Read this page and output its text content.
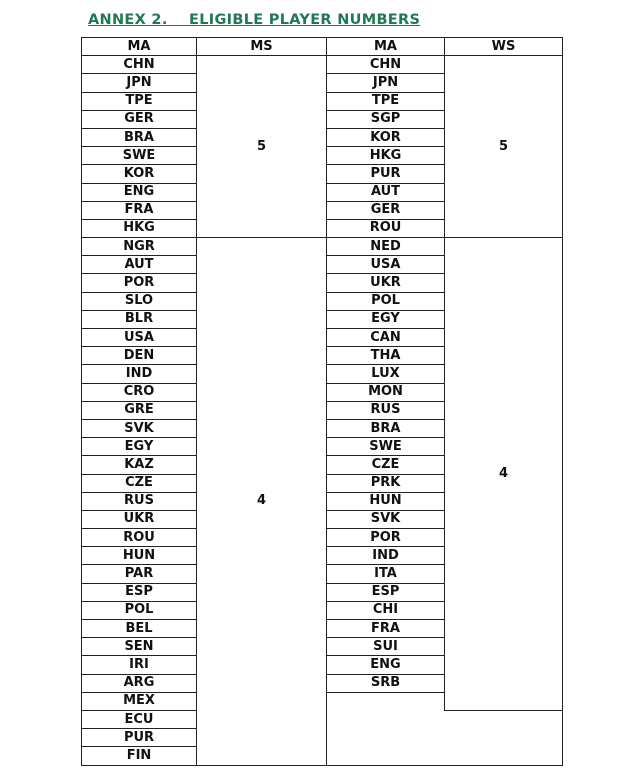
ANNEX 2.    ELIGIBLE PLAYER NUMBERS
MA	MS	MA	WS
CHN	5	CHN	5
JPN		JPN	
TPE		TPE	
GER		SGP	
BRA		KOR	
SWE		HKG	
KOR		PUR	
ENG		AUT	
FRA		GER	
HKG		ROU	
NGR	4	NED	4
AUT		USA	
POR		UKR	
SLO		POL	
BLR		EGY	
USA		CAN	
DEN		THA	
IND		LUX	
CRO		MON	
GRE		RUS	
SVK		BRA	
EGY		SWE	
KAZ		CZE	
CZE		PRK	
RUS		HUN	
UKR		SVK	
ROU		POR	
HUN		IND	
PAR		ITA	
ESP		ESP	
POL		CHI	
BEL		FRA	
SEN		SUI	
IRI		ENG	
ARG		SRB	
MEX			
ECU			
PUR			
FIN			
